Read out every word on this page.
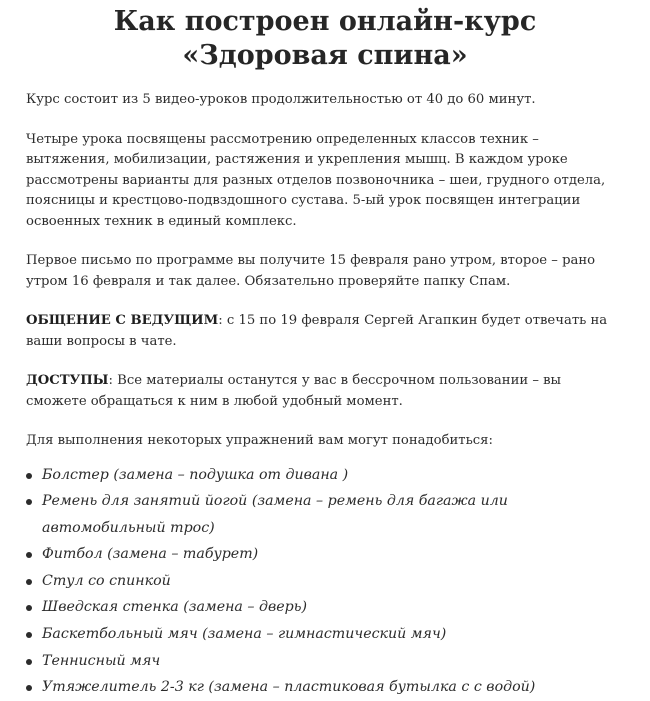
Как построен онлайн-курс
«Здоровая спина»

Курс состоит из 5 видео-уроков продолжительностью от 40 до 60 минут.

Четыре урока посвящены рассмотрению определенных классов техник – вытяжения, мобилизации, растяжения и укрепления мышц. В каждом уроке рассмотрены варианты для разных отделов позвоночника – шеи, грудного отдела, поясницы и крестцово-подвздошного сустава. 5-ый урок посвящен интеграции освоенных техник в единый комплекс.

Первое письмо по программе вы получите 15 февраля рано утром, второе – рано утром 16 февраля и так далее. Обязательно проверяйте папку Спам.

ОБЩЕНИЕ С ВЕДУЩИМ: с 15 по 19 февраля Сергей Агапкин будет отвечать на ваши вопросы в чате.

ДОСТУПЫ: Все материалы останутся у вас в бессрочном пользовании – вы сможете обращаться к ним в любой удобный момент.

Для выполнения некоторых упражнений вам могут понадобиться:

Болстер (замена – подушка от дивана )
Ремень для занятий йогой (замена – ремень для багажа или автомобильный трос)
Фитбол (замена – табурет)
Стул со спинкой
Шведская стенка (замена – дверь)
Баскетбольный мяч (замена – гимнастический мяч)
Теннисный мяч
Утяжелитель 2-3 кг (замена – пластиковая бутылка с с водой)
